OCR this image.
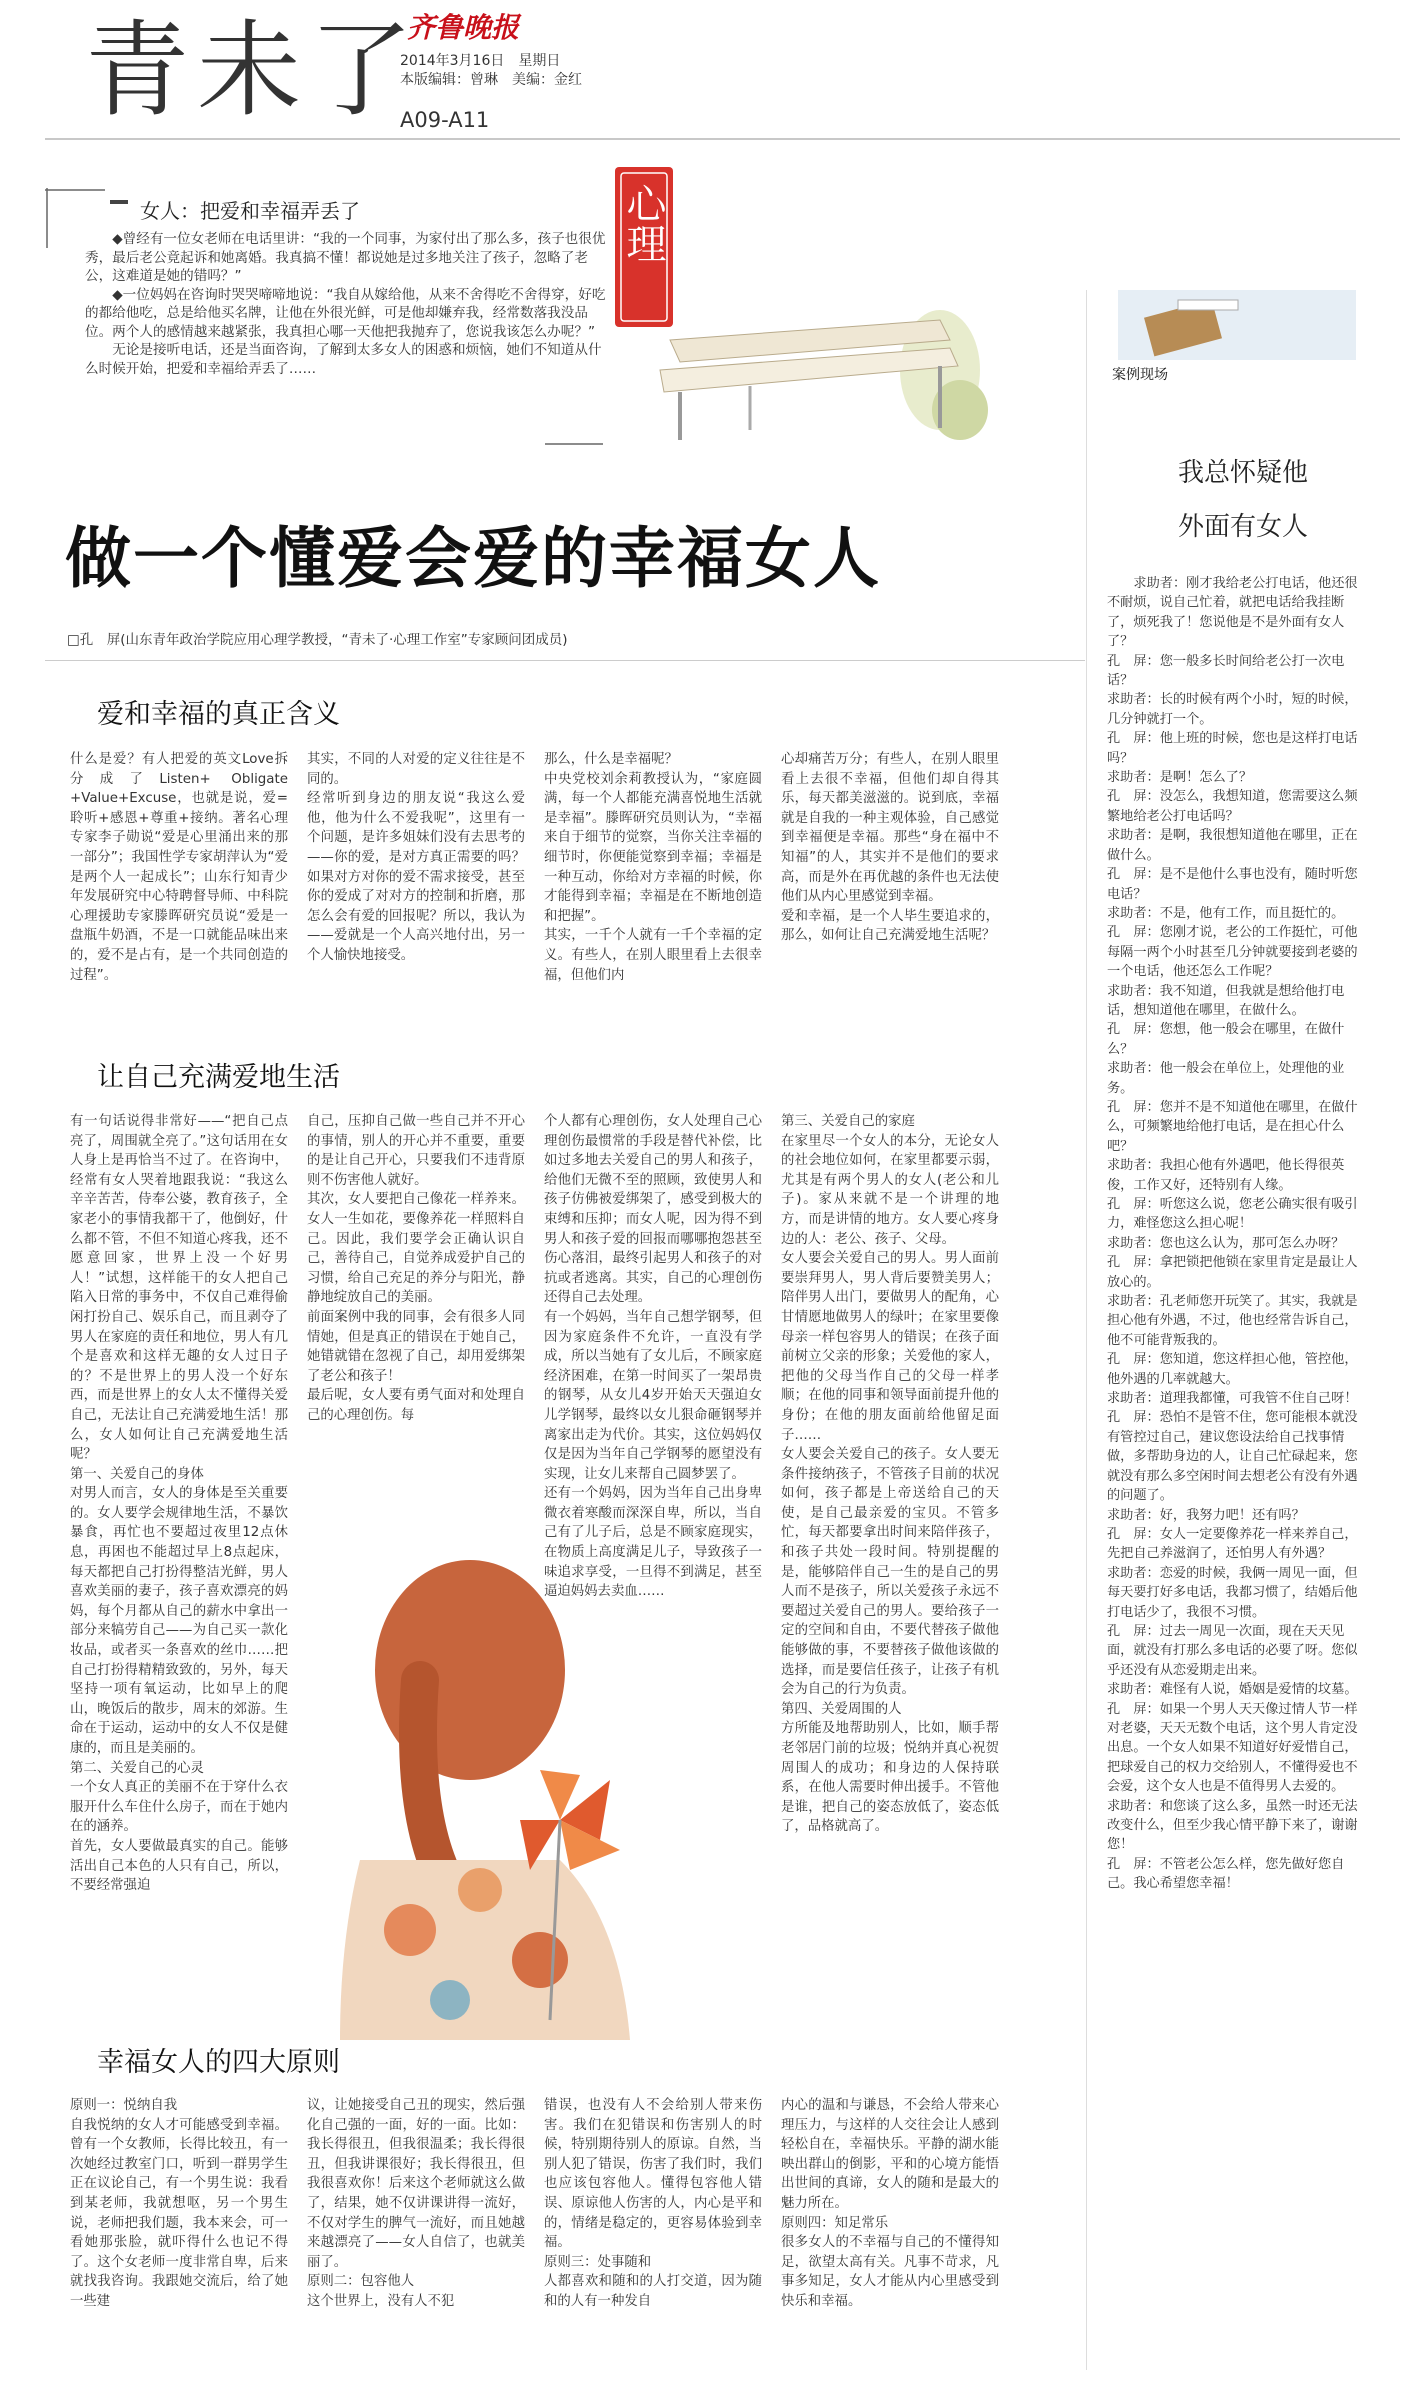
青未了
齐鲁晚报
2014年3月16日　星期日
本版编辑：曾琳　美编：金红
A09-A11
女人：把爱和幸福弄丢了

◆曾经有一位女老师在电话里讲：“我的一个同事，为家付出了那么多，孩子也很优秀，最后老公竟起诉和她离婚。我真搞不懂！都说她是过多地关注了孩子，忽略了老公，这难道是她的错吗？”

◆一位妈妈在咨询时哭哭啼啼地说：“我自从嫁给他，从来不舍得吃不舍得穿，好吃的都给他吃，总是给他买名牌，让他在外很光鲜，可是他却嫌弃我，经常数落我没品位。两个人的感情越来越紧张，我真担心哪一天他把我抛弃了，您说我该怎么办呢？”

无论是接听电话，还是当面咨询，了解到太多女人的困惑和烦恼，她们不知道从什么时候开始，把爱和幸福给弄丢了……

心理
做一个懂爱会爱的幸福女人
□孔　屏(山东青年政治学院应用心理学教授，“青未了·心理工作室”专家顾问团成员)
爱和幸福的真正含义
什么是爱？有人把爱的英文Love拆分成了Listen+ Obligate +Value+Excuse，也就是说，爱=聆听+感恩+尊重+接纳。著名心理专家李子勋说“爱是心里涌出来的那一部分”；我国性学专家胡萍认为“爱是两个人一起成长”；山东行知青少年发展研究中心特聘督导师、中科院心理援助专家滕晖研究员说“爱是一盘瓶牛奶酒，不是一口就能品味出来的，爱不是占有，是一个共同创造的过程”。
其实，不同的人对爱的定义往往是不同的。
经常听到身边的朋友说“我这么爱他，他为什么不爱我呢”，这里有一个问题，是许多姐妹们没有去思考的——你的爱，是对方真正需要的吗？如果对方对你的爱不需求接受，甚至你的爱成了对对方的控制和折磨，那怎么会有爱的回报呢？所以，我认为——爱就是一个人高兴地付出，另一个人愉快地接受。
那么，什么是幸福呢？
中央党校刘余莉教授认为，“家庭圆满，每一个人都能充满喜悦地生活就是幸福”。滕晖研究员则认为，“幸福来自于细节的觉察，当你关注幸福的细节时，你便能觉察到幸福；幸福是一种互动，你给对方幸福的时候，你才能得到幸福；幸福是在不断地创造和把握”。
其实，一千个人就有一千个幸福的定义。有些人，在别人眼里看上去很幸福，但他们内
心却痛苦万分；有些人，在别人眼里看上去很不幸福，但他们却自得其乐，每天都美滋滋的。说到底，幸福就是自我的一种主观体验，自己感觉到幸福便是幸福。那些“身在福中不知福”的人，其实并不是他们的要求高，而是外在再优越的条件也无法使他们从内心里感觉到幸福。
爱和幸福，是一个人毕生要追求的，那么，如何让自己充满爱地生活呢？
让自己充满爱地生活
有一句话说得非常好——“把自己点亮了，周围就全亮了。”这句话用在女人身上是再恰当不过了。在咨询中，经常有女人哭着地跟我说：“我这么辛辛苦苦，侍奉公婆，教育孩子，全家老小的事情我都干了，他倒好，什么都不管，不但不知道心疼我，还不愿意回家，世界上没一个好男人！”试想，这样能干的女人把自己陷入日常的事务中，不仅自己难得偷闲打扮自己、娱乐自己，而且剥夺了男人在家庭的责任和地位，男人有几个是喜欢和这样无趣的女人过日子的？不是世界上的男人没一个好东西，而是世界上的女人太不懂得关爱自己，无法让自己充满爱地生活！那么，女人如何让自己充满爱地生活呢？
第一、关爱自己的身体
对男人而言，女人的身体是至关重要的。女人要学会规律地生活，不暴饮暴食，再忙也不要超过夜里12点休息，再困也不能超过早上8点起床，每天都把自己打扮得整洁光鲜，男人喜欢美丽的妻子，孩子喜欢漂亮的妈妈，每个月都从自己的薪水中拿出一部分来犒劳自己——为自己买一款化妆品，或者买一条喜欢的丝巾……把自己打扮得精精致致的，另外，每天坚持一项有氧运动，比如早上的爬山，晚饭后的散步，周末的郊游。生命在于运动，运动中的女人不仅是健康的，而且是美丽的。
第二、关爱自己的心灵
一个女人真正的美丽不在于穿什么衣服开什么车住什么房子，而在于她内在的涵养。
首先，女人要做最真实的自己。能够活出自己本色的人只有自己，所以，不要经常强迫
自己，压抑自己做一些自己并不开心的事情，别人的开心并不重要，重要的是让自己开心，只要我们不违背原则不伤害他人就好。
其次，女人要把自己像花一样养来。女人一生如花，要像养花一样照料自己。因此，我们要学会正确认识自己，善待自己，自觉养成爱护自己的习惯，给自己充足的养分与阳光，静静地绽放自己的美丽。
前面案例中我的同事，会有很多人同情她，但是真正的错误在于她自己，她错就错在忽视了自己，却用爱绑架了老公和孩子！
最后呢，女人要有勇气面对和处理自己的心理创伤。每
个人都有心理创伤，女人处理自己心理创伤最惯常的手段是替代补偿，比如过多地去关爱自己的男人和孩子，给他们无微不至的照顾，致使男人和孩子仿佛被爱绑架了，感受到极大的束缚和压抑；而女人呢，因为得不到男人和孩子爱的回报而哪哪抱怨甚至伤心落泪，最终引起男人和孩子的对抗或者逃离。其实，自己的心理创伤还得自己去处理。
有一个妈妈，当年自己想学钢琴，但因为家庭条件不允许，一直没有学成，所以当她有了女儿后，不顾家庭经济困难，在第一时间买了一架昂贵的钢琴，从女儿4岁开始天天强迫女儿学钢琴，最终以女儿狠命砸钢琴并离家出走为代价。其实，这位妈妈仅仅是因为当年自己学钢琴的愿望没有实现，让女儿来帮自己圆梦罢了。
还有一个妈妈，因为当年自己出身卑微衣着寒酸而深深自卑，所以，当自己有了儿子后，总是不顾家庭现实，在物质上高度满足儿子，导致孩子一味追求享受，一旦得不到满足，甚至逼迫妈妈去卖血……
第三、关爱自己的家庭
在家里尽一个女人的本分，无论女人的社会地位如何，在家里都要示弱，尤其是有两个男人的女人(老公和儿子)。家从来就不是一个讲理的地方，而是讲情的地方。女人要心疼身边的人：老公、孩子、父母。
女人要会关爱自己的男人。男人面前要崇拜男人，男人背后要赞美男人；陪伴男人出门，要做男人的配角，心甘情愿地做男人的绿叶；在家里要像母亲一样包容男人的错误；在孩子面前树立父亲的形象；关爱他的家人，把他的父母当作自己的父母一样孝顺；在他的同事和领导面前提升他的身份；在他的朋友面前给他留足面子……
女人要会关爱自己的孩子。女人要无条件接纳孩子，不管孩子目前的状况如何，孩子都是上帝送给自己的天使，是自己最亲爱的宝贝。不管多忙，每天都要拿出时间来陪伴孩子，和孩子共处一段时间。特别提醒的是，能够陪伴自己一生的是自己的男人而不是孩子，所以关爱孩子永远不要超过关爱自己的男人。要给孩子一定的空间和自由，不要代替孩子做他能够做的事，不要替孩子做他该做的选择，而是要信任孩子，让孩子有机会为自己的行为负责。
第四、关爱周围的人
方所能及地帮助别人，比如，顺手帮老邻居门前的垃圾；悦纳并真心祝贺周围人的成功；和身边的人保持联系，在他人需要时伸出援手。不管他是谁，把自己的姿态放低了，姿态低了，品格就高了。
幸福女人的四大原则
原则一：悦纳自我
自我悦纳的女人才可能感受到幸福。曾有一个女教师，长得比较丑，有一次她经过教室门口，听到一群男学生正在议论自己，有一个男生说：我看到某老师，我就想呕，另一个男生说，老师把我们题，我本来会，可一看她那张脸，就吓得什么也记不得了。这个女老师一度非常自卑，后来就找我咨询。我跟她交流后，给了她一些建
议，让她接受自己丑的现实，然后强化自己强的一面，好的一面。比如：我长得很丑，但我很温柔；我长得很丑，但我讲课很好；我长得很丑，但我很喜欢你！后来这个老师就这么做了，结果，她不仅讲课讲得一流好，不仅对学生的脾气一流好，而且她越来越漂亮了——女人自信了，也就美丽了。
原则二：包容他人
这个世界上，没有人不犯
错误，也没有人不会给别人带来伤害。我们在犯错误和伤害别人的时候，特别期待别人的原谅。自然，当别人犯了错误，伤害了我们时，我们也应该包容他人。懂得包容他人错误、原谅他人伤害的人，内心是平和的，情绪是稳定的，更容易体验到幸福。
原则三：处事随和
人都喜欢和随和的人打交道，因为随和的人有一种发自
内心的温和与谦恳，不会给人带来心理压力，与这样的人交往会让人感到轻松自在，幸福快乐。平静的湖水能映出群山的倒影，平和的心境方能悟出世间的真谛，女人的随和是最大的魅力所在。
原则四：知足常乐
很多女人的不幸福与自己的不懂得知足，欲望太高有关。凡事不苛求，凡事多知足，女人才能从内心里感受到快乐和幸福。
案例现场
我总怀疑他
外面有女人
求助者：刚才我给老公打电话，他还很不耐烦，说自己忙着，就把电话给我挂断了，烦死我了！您说他是不是外面有女人了？
孔　屏：您一般多长时间给老公打一次电话？
求助者：长的时候有两个小时，短的时候，几分钟就打一个。
孔　屏：他上班的时候，您也是这样打电话吗？
求助者：是啊！怎么了？
孔　屏：没怎么，我想知道，您需要这么频繁地给老公打电话吗？
求助者：是啊，我很想知道他在哪里，正在做什么。
孔　屏：是不是他什么事也没有，随时听您电话？
求助者：不是，他有工作，而且挺忙的。
孔　屏：您刚才说，老公的工作挺忙，可他每隔一两个小时甚至几分钟就要接到老婆的一个电话，他还怎么工作呢？
求助者：我不知道，但我就是想给他打电话，想知道他在哪里，在做什么。
孔　屏：您想，他一般会在哪里，在做什么？
求助者：他一般会在单位上，处理他的业务。
孔　屏：您并不是不知道他在哪里，在做什么，可频繁地给他打电话，是在担心什么吧？
求助者：我担心他有外遇吧，他长得很英俊，工作又好，还特别有人缘。
孔　屏：听您这么说，您老公确实很有吸引力，难怪您这么担心呢！
求助者：您也这么认为，那可怎么办呀？
孔　屏：拿把锁把他锁在家里肯定是最让人放心的。
求助者：孔老师您开玩笑了。其实，我就是担心他有外遇，不过，他也经常告诉自己，他不可能背叛我的。
孔　屏：您知道，您这样担心他，管控他，他外遇的几率就越大。
求助者：道理我都懂，可我管不住自己呀！
孔　屏：恐怕不是管不住，您可能根本就没有管控过自己，建议您设法给自己找事情做，多帮助身边的人，让自己忙碌起来，您就没有那么多空闲时间去想老公有没有外遇的问题了。
求助者：好，我努力吧！还有吗？
孔　屏：女人一定要像养花一样来养自己，先把自己养滋润了，还怕男人有外遇？
求助者：恋爱的时候，我俩一周见一面，但每天要打好多电话，我都习惯了，结婚后他打电话少了，我很不习惯。
孔　屏：过去一周见一次面，现在天天见面，就没有打那么多电话的必要了呀。您似乎还没有从恋爱期走出来。
求助者：难怪有人说，婚姻是爱情的坟墓。
孔　屏：如果一个男人天天像过情人节一样对老婆，天天无数个电话，这个男人肯定没出息。一个女人如果不知道好好爱惜自己，把球爱自己的权力交给别人，不懂得爱也不会爱，这个女人也是不值得男人去爱的。
求助者：和您谈了这么多，虽然一时还无法改变什么，但至少我心情平静下来了，谢谢您！
孔　屏：不管老公怎么样，您先做好您自己。我心希望您幸福！
